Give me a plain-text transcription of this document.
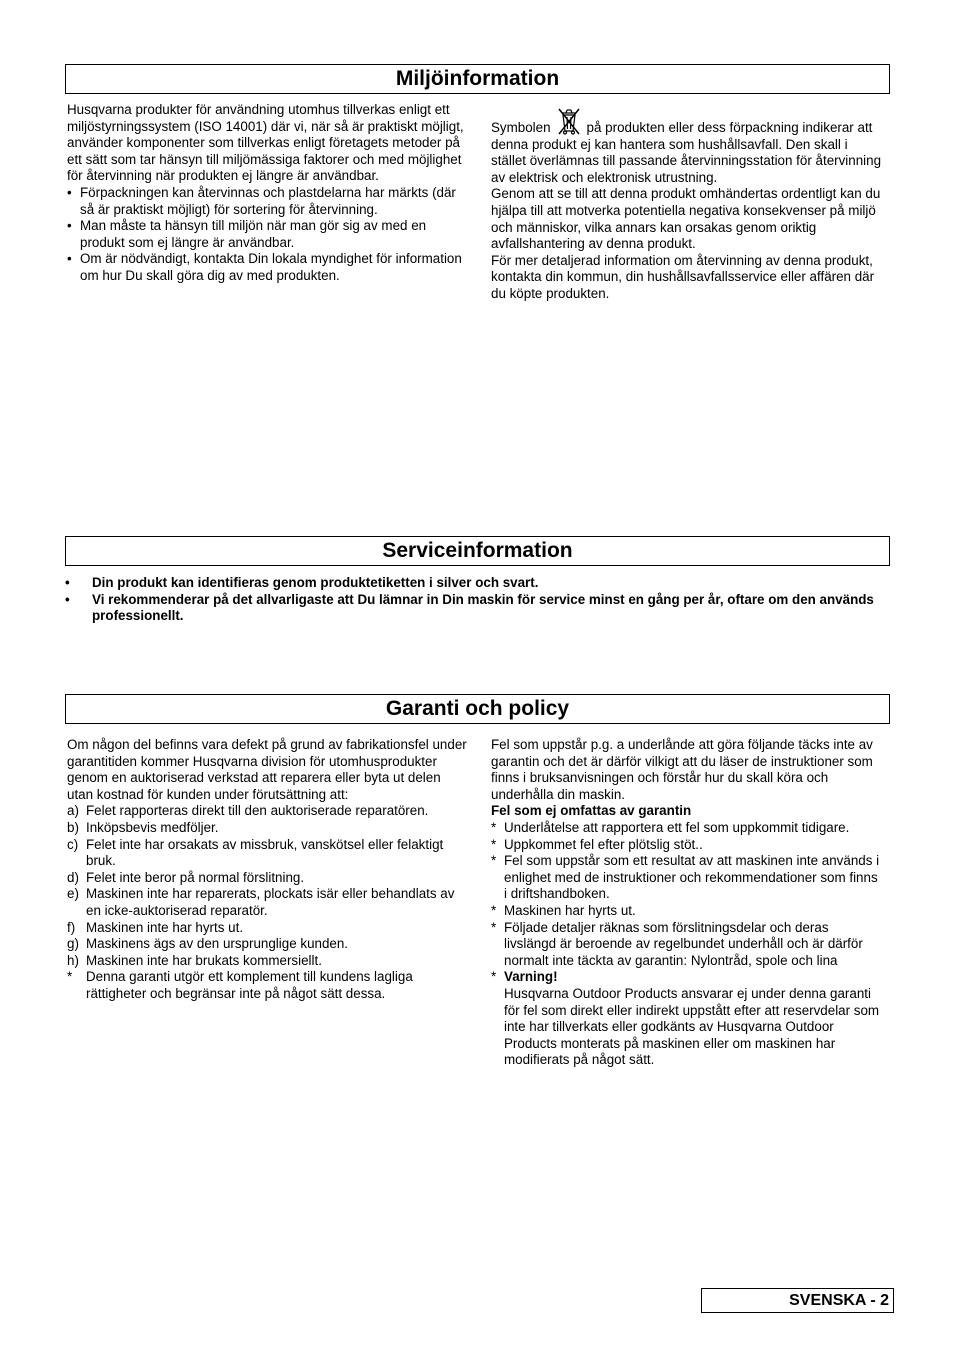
Miljöinformation

Husqvarna produkter för användning utomhus tillverkas enligt ett miljöstyrningssystem (ISO 14001) där vi, när så är praktiskt möjligt, använder komponenter som tillverkas enligt företagets metoder på ett sätt som tar hänsyn till miljömässiga faktorer och med möjlighet för återvinning när produkten ej längre är användbar.

• Förpackningen kan återvinnas och plastdelarna har märkts (där så är praktiskt möjligt) för sortering för återvinning.
• Man måste ta hänsyn till miljön när man gör sig av med en produkt som ej längre är användbar.
• Om är nödvändigt, kontakta Din lokala myndighet för information om hur Du skall göra dig av med produkten.

Symbolen	på produkten eller dess förpackning indikerar att denna produkt ej kan hantera som hushållsavfall. Den skall i stället överlämnas till passande återvinningsstation för återvinning av elektrisk och elektronisk utrustning.

Genom att se till att denna produkt omhändertas ordentligt kan du hjälpa till att motverka potentiella negativa konsekvenser på miljö och människor, vilka annars kan orsakas genom oriktig avfallshantering av denna produkt.

För mer detaljerad information om återvinning av denna produkt, kontakta din kommun, din hushållsavfallsservice eller affären där du köpte produkten.

Serviceinformation
• Din produkt kan identifieras genom produktetiketten i silver och svart.
• Vi rekommenderar på det allvarligaste att Du lämnar in Din maskin för service minst en gång per år, oftare om den används professionellt.
Garanti och policy

Om någon del befinns vara defekt på grund av fabrikationsfel under garantitiden kommer Husqvarna division för utomhusprodukter genom en auktoriserad verkstad att reparera eller byta ut delen utan kostnad för kunden under förutsättning att:

a) Felet rapporteras direkt till den auktoriserade reparatören.
b) Inköpsbevis medföljer.
c) Felet inte har orsakats av missbruk, vanskötsel eller felaktigt bruk.
d) Felet inte beror på normal förslitning.
e) Maskinen inte har reparerats, plockats isär eller behandlats av en icke-auktoriserad reparatör.
f) Maskinen inte har hyrts ut.
g) Maskinens ägs av den ursprunglige kunden.
h) Maskinen inte har brukats kommersiellt.
* Denna garanti utgör ett komplement till kundens lagliga rättigheter och begränsar inte på något sätt dessa.

Fel som uppstår p.g. a underlånde att göra följande täcks inte av garantin och det är därför vilkigt att du läser de instruktioner som finns i bruksanvisningen och förstår hur du skall köra och underhålla din maskin.

Fel som ej omfattas av garantin

* Underlåtelse att rapportera ett fel som uppkommit tidigare.
* Uppkommet fel efter plötslig stöt..
* Fel som uppstår som ett resultat av att maskinen inte används i enlighet med de instruktioner och rekommendationer som finns i driftshandboken.
* Maskinen har hyrts ut.
* Följade detaljer räknas som förslitningsdelar och deras livslängd är beroende av regelbundet underhåll och är därför normalt inte täckta av garantin: Nylontråd, spole och lina
* Varning!
Husqvarna Outdoor Products ansvarar ej under denna garanti för fel som direkt eller indirekt uppstått efter att reservdelar som inte har tillverkats eller godkänts av Husqvarna Outdoor Products monterats på maskinen eller om maskinen har modifierats på något sätt.
SVENSKA - 2
